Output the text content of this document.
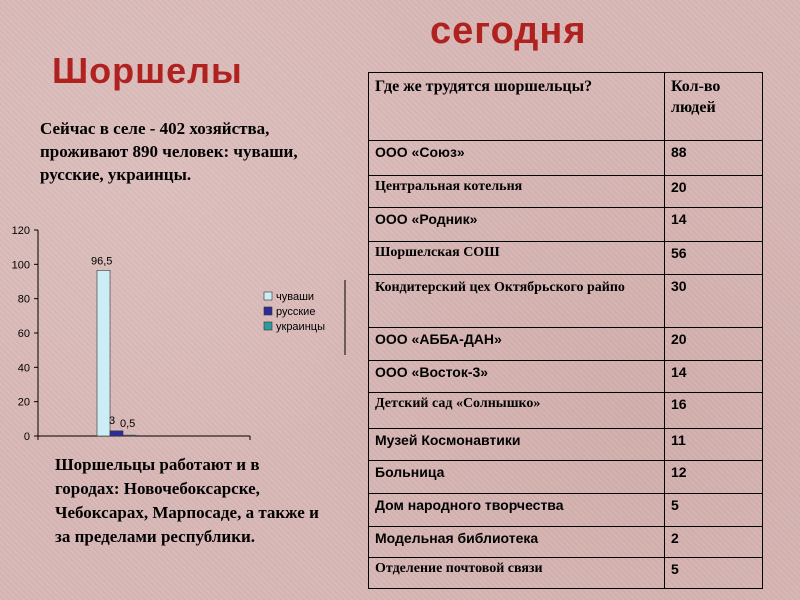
Шоршелы
сегодня
Сейчас в селе - 402 хозяйства, проживают 890 человек: чуваши, русские, украинцы.
0
20
40
60
80
100
120
96,5
3 0,5
чуваши
русские
украинцы
Шоршельцы работают и в городах: Новочебоксарске, Чебоксарах, Марпосаде, а также и за пределами республики.
Где же трудятся шоршельцы?	Кол-во людей
ООО «Союз»	88
Центральная котельня	20
ООО «Родник»	14
Шоршелская СОШ	56
Кондитерский цех Октябрьского райпо	30
ООО «АББА-ДАН»	20
ООО «Восток-3»	14
Детский сад «Солнышко»	16
Музей Космонавтики	11
Больница	12
Дом народного творчества	5
Модельная библиотека	2
Отделение почтовой связи	5
